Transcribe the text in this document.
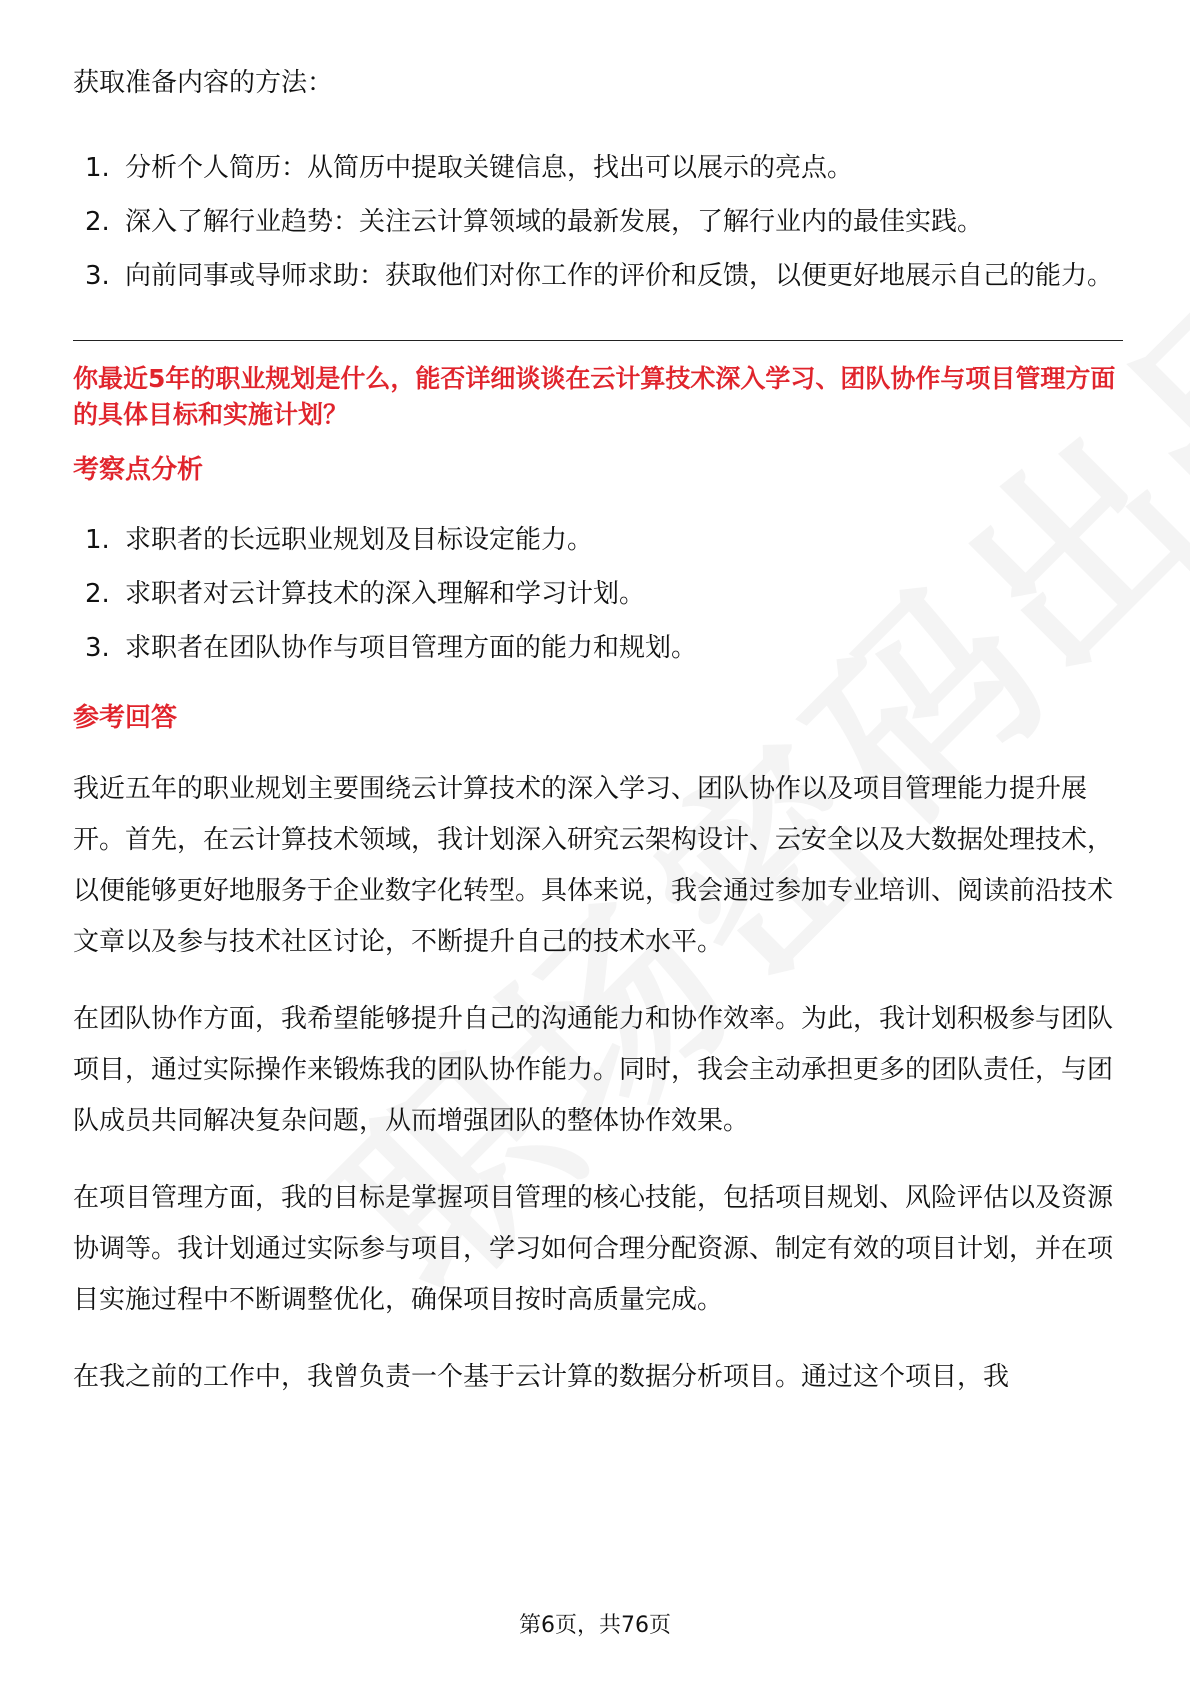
获取准备内容的方法：

1. 分析个人简历：从简历中提取关键信息，找出可以展示的亮点。
2. 深入了解行业趋势：关注云计算领域的最新发展，了解行业内的最佳实践。
3. 向前同事或导师求助：获取他们对你工作的评价和反馈，以便更好地展示自己的能力。

你最近5年的职业规划是什么，能否详细谈谈在云计算技术深入学习、团队协作与项目管理方面的具体目标和实施计划？

考察点分析

1. 求职者的长远职业规划及目标设定能力。
2. 求职者对云计算技术的深入理解和学习计划。
3. 求职者在团队协作与项目管理方面的能力和规划。

参考回答

我近五年的职业规划主要围绕云计算技术的深入学习、团队协作以及项目管理能力提升展开。首先，在云计算技术领域，我计划深入研究云架构设计、云安全以及大数据处理技术，以便能够更好地服务于企业数字化转型。具体来说，我会通过参加专业培训、阅读前沿技术文章以及参与技术社区讨论，不断提升自己的技术水平。

在团队协作方面，我希望能够提升自己的沟通能力和协作效率。为此，我计划积极参与团队项目，通过实际操作来锻炼我的团队协作能力。同时，我会主动承担更多的团队责任，与团队成员共同解决复杂问题，从而增强团队的整体协作效果。

在项目管理方面，我的目标是掌握项目管理的核心技能，包括项目规划、风险评估以及资源协调等。我计划通过实际参与项目，学习如何合理分配资源、制定有效的项目计划，并在项目实施过程中不断调整优化，确保项目按时高质量完成。

在我之前的工作中，我曾负责一个基于云计算的数据分析项目。通过这个项目，我

第6页，共76页
